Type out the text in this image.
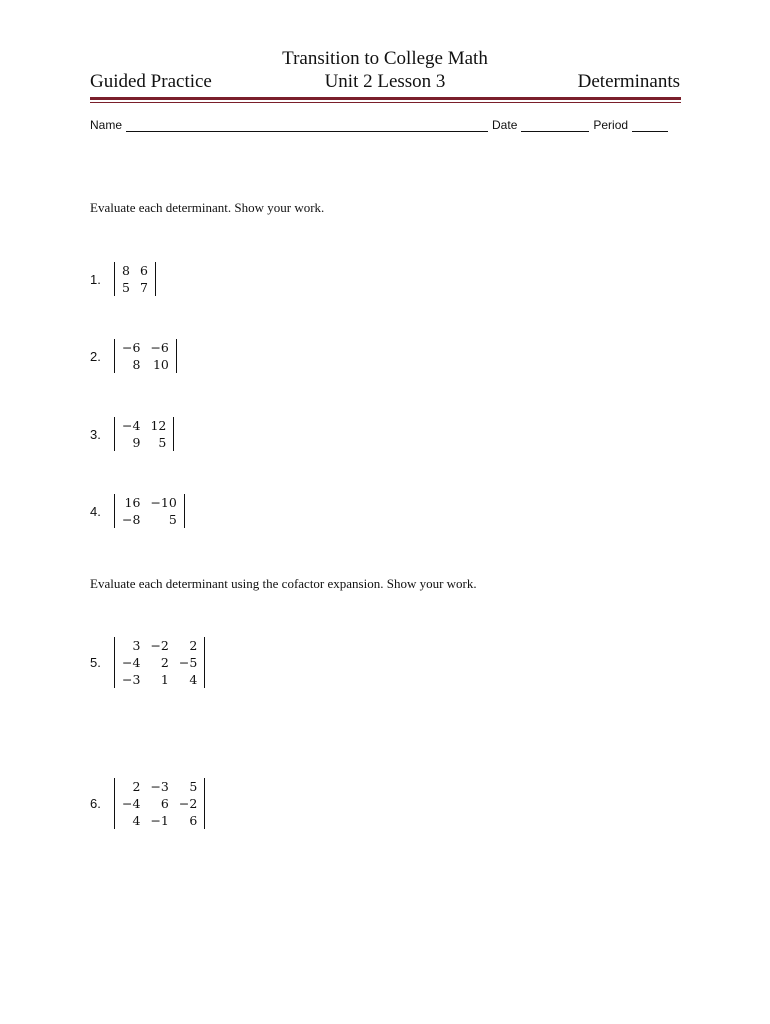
Transition to College Math
Guided Practice	Unit 2 Lesson 3	Determinants
Name	Date	Period
Evaluate each determinant. Show your work.
Evaluate each determinant using the cofactor expansion. Show your work.
1.
8	6
5	7
2.
−6	−6
8	10
3.
−4	12
9	5
4.
16	−10
−8	5
5.
3	−2	2
−4	2	−5
−3	1	4
6.
2	−3	5
−4	6	−2
4	−1	6
